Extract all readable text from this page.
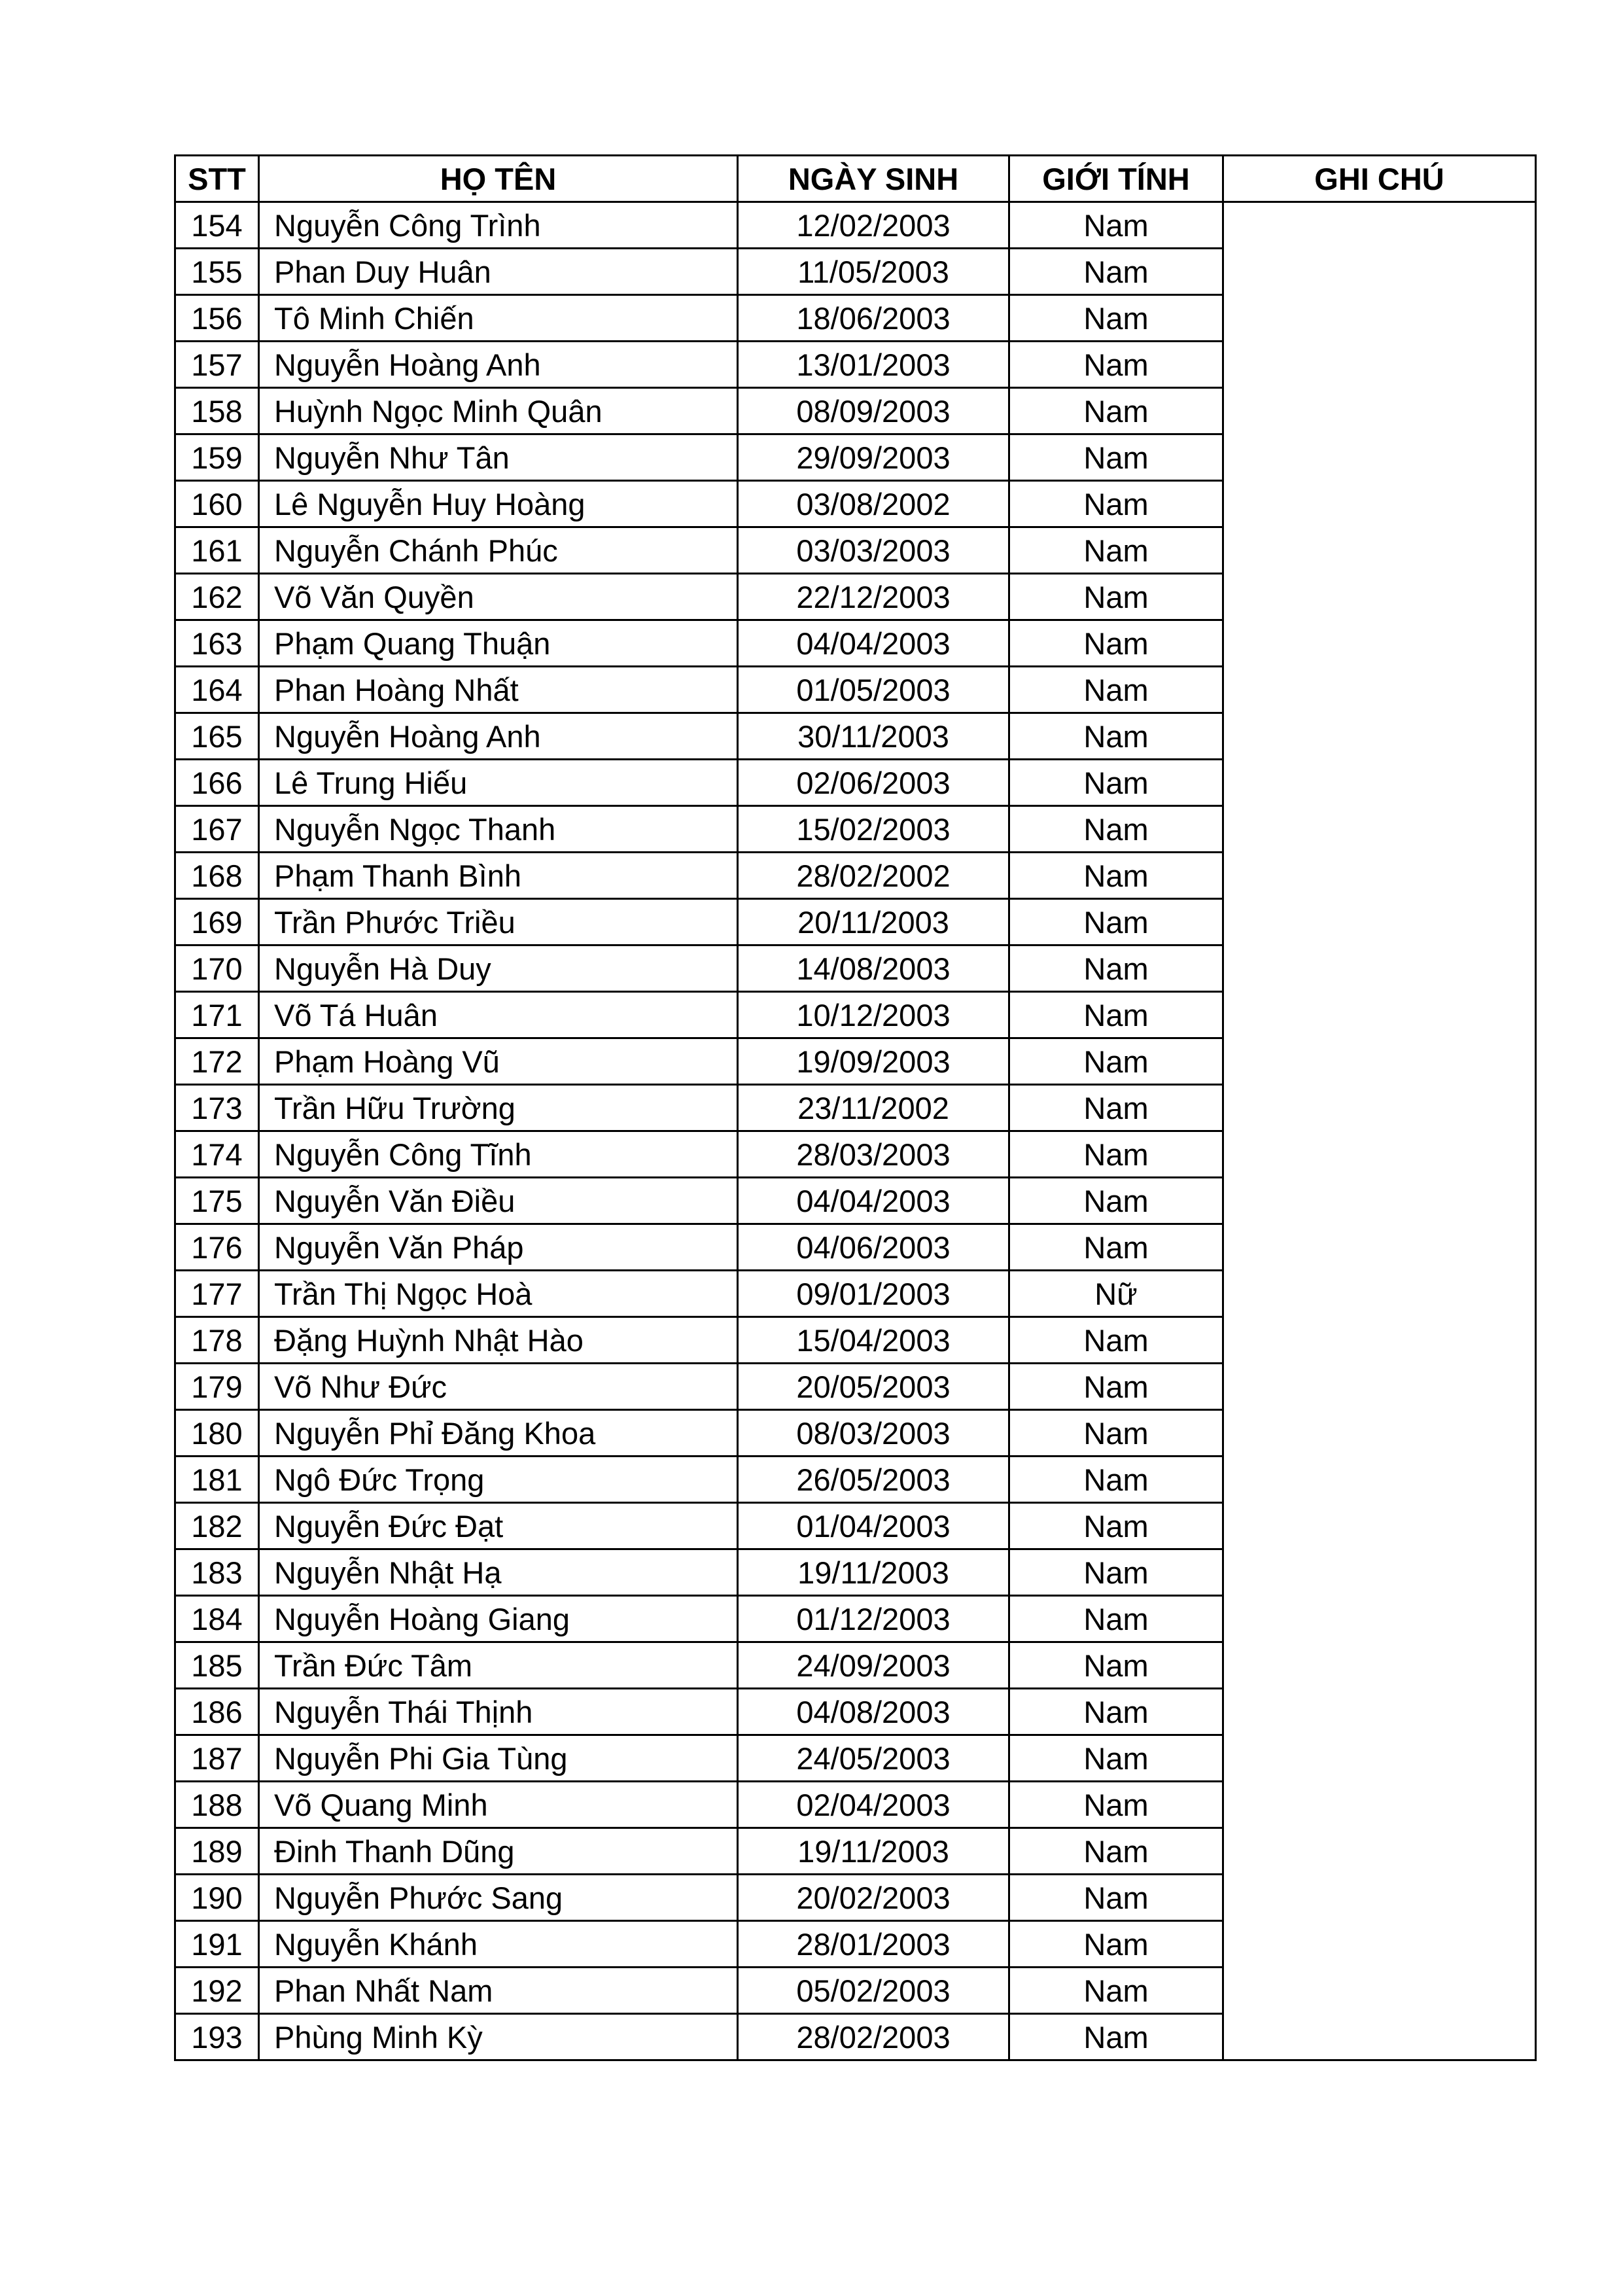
STT	HỌ TÊN	NGÀY SINH	GIỚI TÍNH	GHI CHÚ
154	Nguyễn Công Trình	12/02/2003	Nam	
155	Phan Duy Huân	11/05/2003	Nam	
156	Tô Minh Chiến	18/06/2003	Nam	
157	Nguyễn Hoàng Anh	13/01/2003	Nam	
158	Huỳnh Ngọc Minh Quân	08/09/2003	Nam	
159	Nguyễn Như Tân	29/09/2003	Nam	
160	Lê Nguyễn Huy Hoàng	03/08/2002	Nam	
161	Nguyễn Chánh Phúc	03/03/2003	Nam	
162	Võ Văn Quyền	22/12/2003	Nam	
163	Phạm Quang Thuận	04/04/2003	Nam	
164	Phan Hoàng Nhất	01/05/2003	Nam	
165	Nguyễn Hoàng Anh	30/11/2003	Nam	
166	Lê Trung Hiếu	02/06/2003	Nam	
167	Nguyễn Ngọc Thanh	15/02/2003	Nam	
168	Phạm Thanh Bình	28/02/2002	Nam	
169	Trần Phước Triều	20/11/2003	Nam	
170	Nguyễn Hà Duy	14/08/2003	Nam	
171	Võ Tá Huân	10/12/2003	Nam	
172	Phạm Hoàng Vũ	19/09/2003	Nam	
173	Trần Hữu Trường	23/11/2002	Nam	
174	Nguyễn Công Tĩnh	28/03/2003	Nam	
175	Nguyễn Văn Điều	04/04/2003	Nam	
176	Nguyễn Văn Pháp	04/06/2003	Nam	
177	Trần Thị Ngọc Hoà	09/01/2003	Nữ	
178	Đặng Huỳnh Nhật Hào	15/04/2003	Nam	
179	Võ Như Đức	20/05/2003	Nam	
180	Nguyễn Phỉ Đăng Khoa	08/03/2003	Nam	
181	Ngô Đức Trọng	26/05/2003	Nam	
182	Nguyễn Đức Đạt	01/04/2003	Nam	
183	Nguyễn Nhật Hạ	19/11/2003	Nam	
184	Nguyễn Hoàng Giang	01/12/2003	Nam	
185	Trần Đức Tâm	24/09/2003	Nam	
186	Nguyễn Thái Thịnh	04/08/2003	Nam	
187	Nguyễn Phi Gia Tùng	24/05/2003	Nam	
188	Võ Quang Minh	02/04/2003	Nam	
189	Đinh Thanh Dũng	19/11/2003	Nam	
190	Nguyễn Phước Sang	20/02/2003	Nam	
191	Nguyễn Khánh	28/01/2003	Nam	
192	Phan Nhất Nam	05/02/2003	Nam	
193	Phùng Minh Kỳ	28/02/2003	Nam	
